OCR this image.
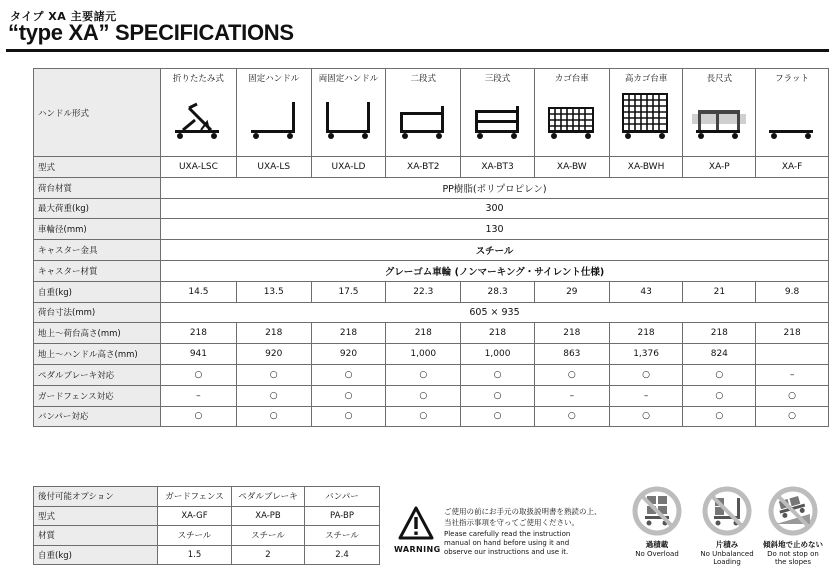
タイプ XA 主要諸元
“type XA” SPECIFICATIONS
ハンドル形式	折りたたみ式	固定ハンドル	両固定ハンドル	二段式	三段式	カゴ台車	高カゴ台車	長尺式	フラット

型式	UXA-LSC	UXA-LS	UXA-LD	XA-BT2	XA-BT3	XA-BW	XA-BWH	XA-P	XA-F
荷台材質	PP樹脂(ポリプロピレン)								
最大荷重(kg)	300								
車輪径(mm)	130								
キャスター金具	スチール								
キャスター材質	グレーゴム車輪 (ノンマーキング・サイレント仕様)								
自重(kg)	14.5	13.5	17.5	22.3	28.3	29	43	21	9.8
荷台寸法(mm)	605 × 935								
地上～荷台高さ(mm)	218	218	218	218	218	218	218	218	218
地上～ハンドル高さ(mm)	941	920	920	1,000	1,000	863	1,376	824	
ペダルブレーキ対応	○	○	○	○	○	○	○	○	–
ガードフェンス対応	–	○	○	○	○	–	–	○	○
バンパー対応	○	○	○	○	○	○	○	○	○
後付可能オプション	ガードフェンス	ペダルブレーキ	バンパー
型式	XA-GF	XA-PB	PA-BP
材質	スチール	スチール	スチール
自重(kg)	1.5	2	2.4
WARNING
ご使用の前にお手元の取扱説明書を熟読の上、
当社指示事項を守ってご使用ください。
Please carefully read the instruction
manual on hand before using it and
observe our instructions and use it.
過積載
No Overload
片積み
No Unbalanced
Loading
傾斜地で止めない
Do not stop on
the slopes
